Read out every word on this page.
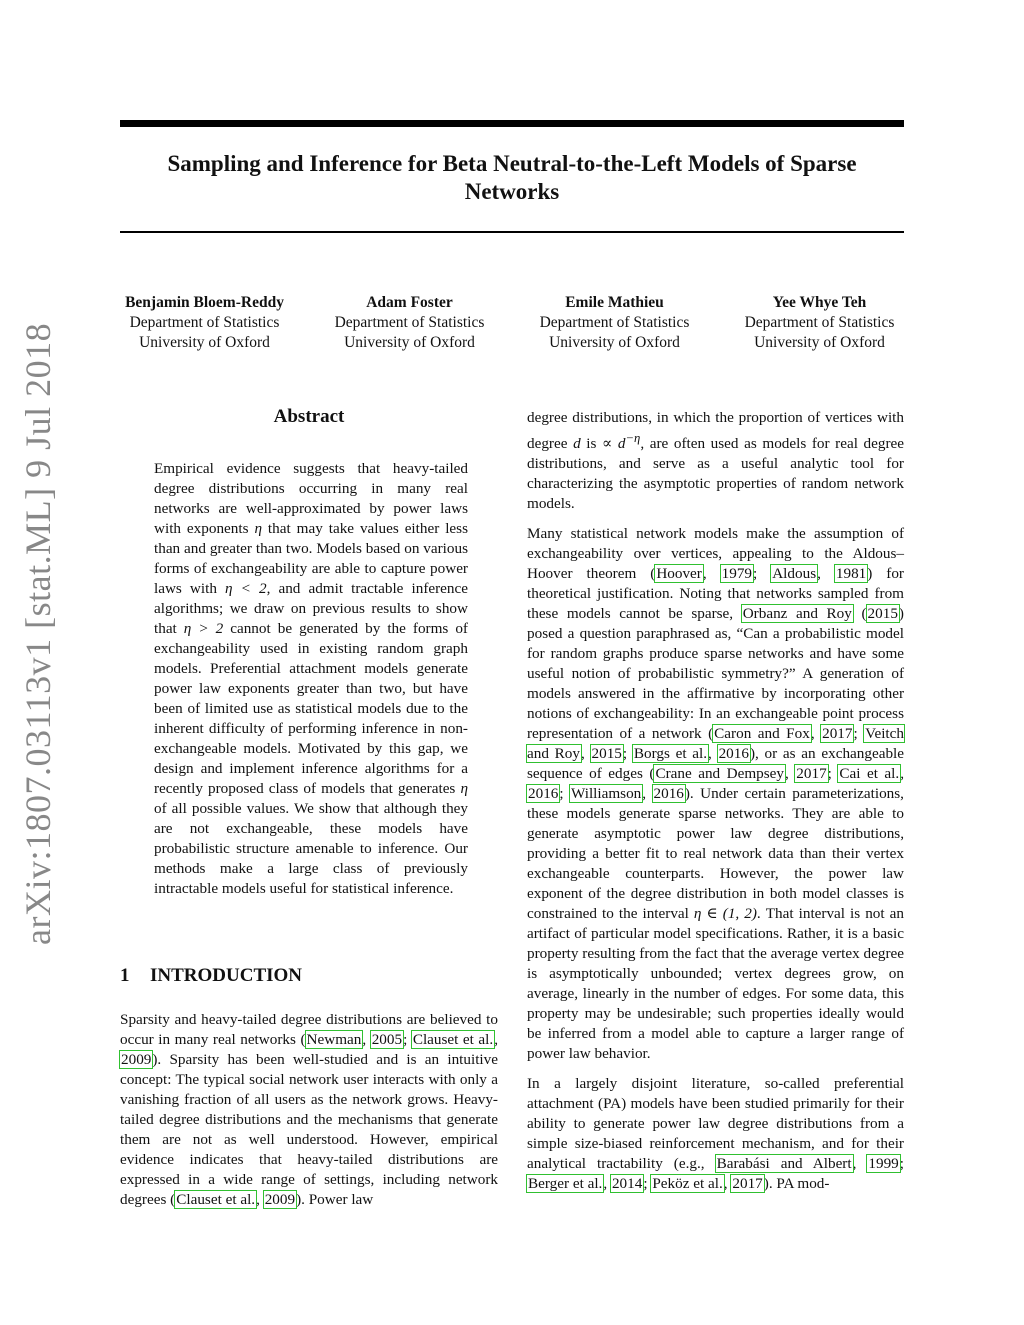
Sampling and Inference for Beta Neutral-to-the-Left Models of Sparse Networks
Benjamin Bloem-Reddy
Department of Statistics
University of Oxford
Adam Foster
Department of Statistics
University of Oxford
Emile Mathieu
Department of Statistics
University of Oxford
Yee Whye Teh
Department of Statistics
University of Oxford
arXiv:1807.03113v1 [stat.ML] 9 Jul 2018	Abstract

Empirical evidence suggests that heavy-tailed degree distributions occurring in many real networks are well-approximated by power laws with exponents η that may take values either less than and greater than two. Models based on various forms of exchangeability are able to capture power laws with η < 2, and admit tractable inference algorithms; we draw on previous results to show that η > 2 cannot be generated by the forms of exchangeability used in existing random graph models. Preferential attachment models generate power law exponents greater than two, but have been of limited use as statistical models due to the inherent difficulty of performing inference in non-exchangeable models. Motivated by this gap, we design and implement inference algorithms for a recently proposed class of models that generates η of all possible values. We show that although they are not exchangeable, these models have probabilistic structure amenable to inference. Our methods make a large class of previously intractable models useful for statistical inference.

1 INTRODUCTION

Sparsity and heavy-tailed degree distributions are believed to occur in many real networks (Newman, 2005; Clauset et al., 2009). Sparsity has been well-studied and is an intuitive concept: The typical social network user interacts with only a vanishing fraction of all users as the network grows. Heavy-tailed degree distributions and the mechanisms that generate them are not as well understood. However, empirical evidence indicates that heavy-tailed distributions are expressed in a wide range of settings, including network degrees (Clauset et al., 2009). Power law

degree distributions, in which the proportion of vertices with degree d is ∝ $d^{-\eta}$, are often used as models for real degree distributions, and serve as a useful analytic tool for characterizing the asymptotic properties of random network models.

Many statistical network models make the assumption of exchangeability over vertices, appealing to the Aldous–Hoover theorem (Hoover, 1979; Aldous, 1981) for theoretical justification. Noting that networks sampled from these models cannot be sparse, Orbanz and Roy (2015) posed a question paraphrased as, “Can a probabilistic model for random graphs produce sparse networks and have some useful notion of probabilistic symmetry?” A generation of models answered in the affirmative by incorporating other notions of exchangeability: In an exchangeable point process representation of a network (Caron and Fox, 2017; Veitch and Roy, 2015; Borgs et al., 2016), or as an exchangeable sequence of edges (Crane and Dempsey, 2017; Cai et al., 2016; Williamson, 2016). Under certain parameterizations, these models generate sparse networks. They are able to generate asymptotic power law degree distributions, providing a better fit to real network data than their vertex exchangeable counterparts. However, the power law exponent of the degree distribution in both model classes is constrained to the interval η ∈ (1, 2). That interval is not an artifact of particular model specifications. Rather, it is a basic property resulting from the fact that the average vertex degree is asymptotically unbounded; vertex degrees grow, on average, linearly in the number of edges. For some data, this property may be undesirable; such properties ideally would be inferred from a model able to capture a larger range of power law behavior.

In a largely disjoint literature, so-called preferential attachment (PA) models have been studied primarily for their ability to generate power law degree distributions from a simple size-biased reinforcement mechanism, and for their analytical tractability (e.g., Barabási and Albert, 1999; Berger et al., 2014; Peköz et al., 2017). PA mod-
